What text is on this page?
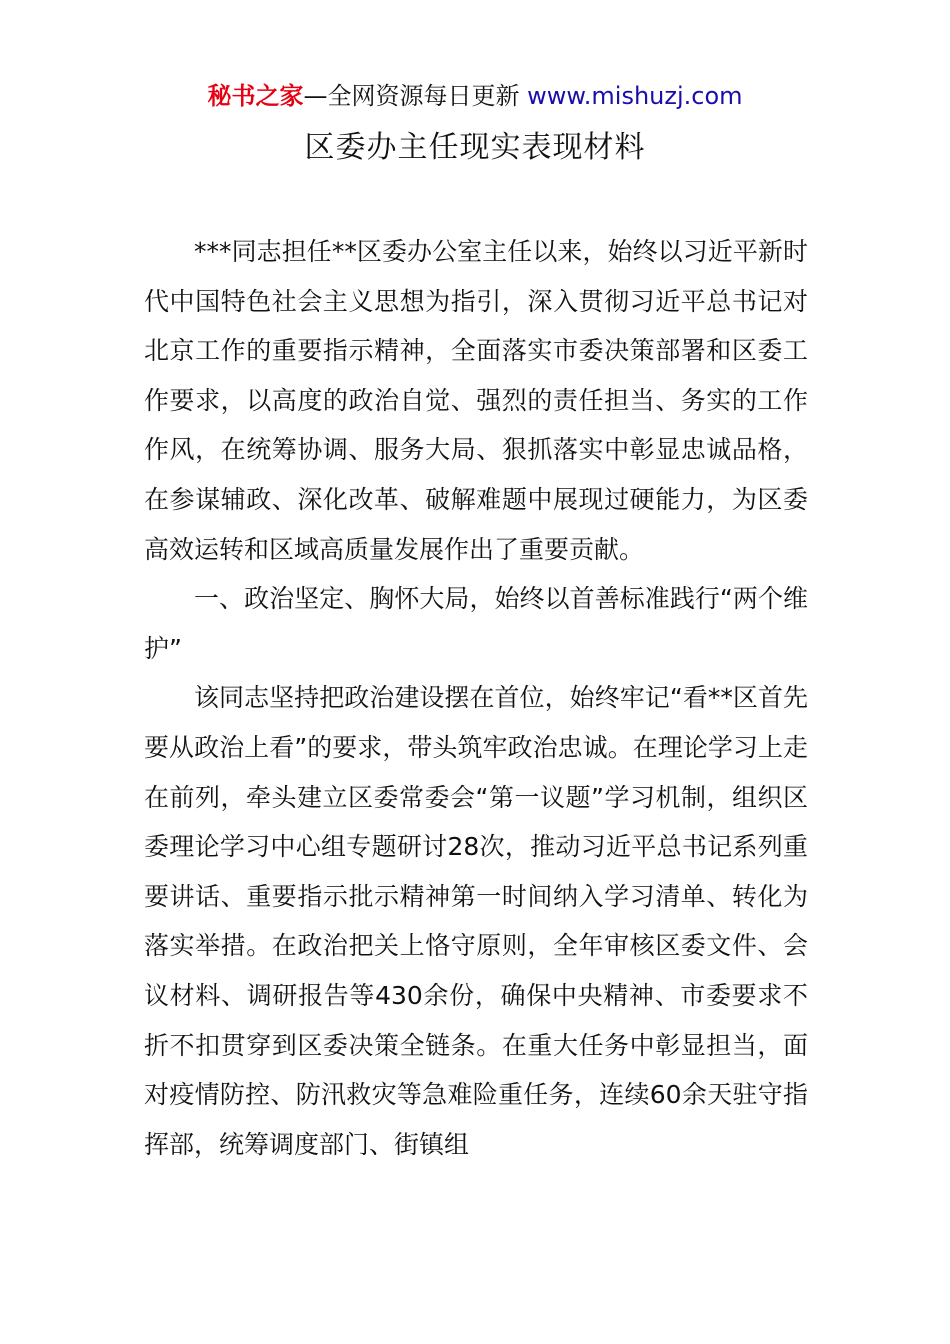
秘书之家—全网资源每日更新 www.mishuzj.com
区委办主任现实表现材料

***同志担任**区委办公室主任以来，始终以习近平新时代中国特色社会主义思想为指引，深入贯彻习近平总书记对北京工作的重要指示精神，全面落实市委决策部署和区委工作要求，以高度的政治自觉、强烈的责任担当、务实的工作作风，在统筹协调、服务大局、狠抓落实中彰显忠诚品格，在参谋辅政、深化改革、破解难题中展现过硬能力，为区委高效运转和区域高质量发展作出了重要贡献。

一、政治坚定、胸怀大局，始终以首善标准践行“两个维护”

该同志坚持把政治建设摆在首位，始终牢记“看**区首先要从政治上看”的要求，带头筑牢政治忠诚。在理论学习上走在前列，牵头建立区委常委会“第一议题”学习机制，组织区委理论学习中心组专题研讨28次，推动习近平总书记系列重要讲话、重要指示批示精神第一时间纳入学习清单、转化为落实举措。在政治把关上恪守原则，全年审核区委文件、会议材料、调研报告等430余份，确保中央精神、市委要求不折不扣贯穿到区委决策全链条。在重大任务中彰显担当，面对疫情防控、防汛救灾等急难险重任务，连续60余天驻守指挥部，统筹调度部门、街镇组
